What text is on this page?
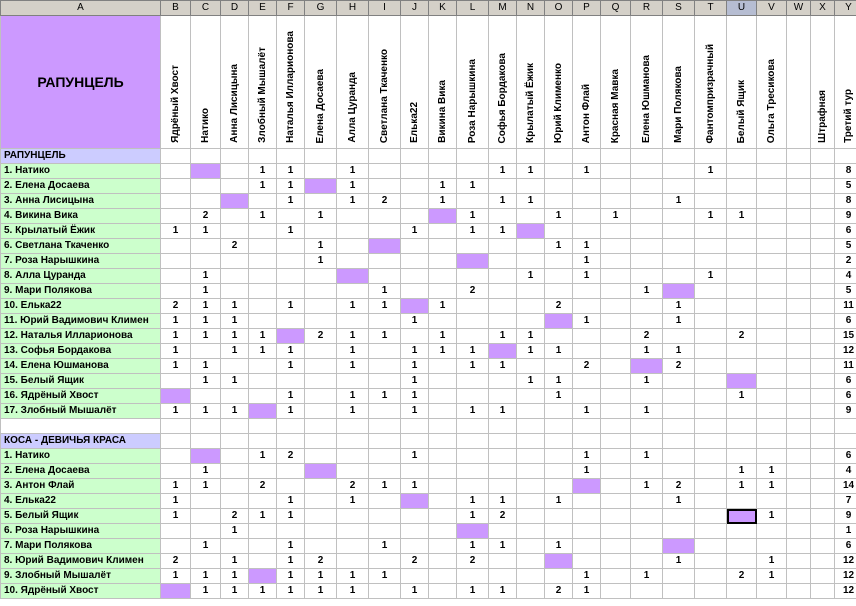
A	B	C	D	E	F	G	H	I	J	K	L	M	N	O	P	Q	R	S	T	U	V	W	X	Y
РАПУНЦЕЛЬ	Ядрёный Хвост	Натико	Анна Лисицына	Злобный Мышалёт	Наталья Илларионова	Елена Досаева	Алла Цуранда	Светлана Ткаченко	Елька22	Викина Вика	Роза Нарышкина	Софья Бордакова	Крылатый Ёжик	Юрий Клименко	Антон Флай	Красная Мавка	Елена Юшманова	Мари Полякова	Фантомпризрачный	Белый Ящик	Ольга Тресикова		Штрафная	Третий тур
РАПУНЦЕЛЬ																								
1. Натико				1	1		1					1	1		1				1					8
2. Елена Досаева				1	1		1			1	1													5
3. Анна Лисицына					1		1	2		1		1	1					1						8
4. Викина Вика		2		1		1					1			1		1			1	1				9
5. Крылатый Ёжик	1	1			1				1		1	1												6
6. Светлана Ткаченко			2			1								1	1									5
7. Роза Нарышкина						1									1									2
8. Алла Цуранда		1											1		1				1					4
9. Мари Полякова		1						1			2						1							5
10. Елька22	2	1	1		1		1	1		1				2				1						11
11. Юрий Вадимович Климен	1	1	1						1						1			1						6
12. Наталья Илларионова	1	1	1	1		2	1	1		1		1	1				2			2				15
13. Софья Бордакова	1		1	1	1		1		1	1	1		1	1			1	1						12
14. Елена Юшманова	1	1			1		1		1		1	1			2			2						11
15. Белый Ящик		1	1						1				1	1			1							6
16. Ядрёный Хвост					1		1	1	1					1						1				6
17. Злобный Мышалёт	1	1	1		1		1		1		1	1			1		1							9

КОСА - ДЕВИЧЬЯ КРАСА																								
1. Натико				1	2				1						1		1							6
2. Елена Досаева		1													1					1	1			4
3. Антон Флай	1	1		2			2	1	1								1	2		1	1			14
4. Елька22	1				1		1				1	1		1				1						7
5. Белый Ящик	1		2	1	1						1	2									1			9
6. Роза Нарышкина			1																					1
7. Мари Полякова		1			1			1			1	1		1										6
8. Юрий Вадимович Климен	2		1		1	2			2		2							1			1			12
9. Злобный Мышалёт	1	1	1		1	1	1	1							1		1			2	1			12
10. Ядрёный Хвост		1	1	1	1	1	1		1		1	1		2	1									12
